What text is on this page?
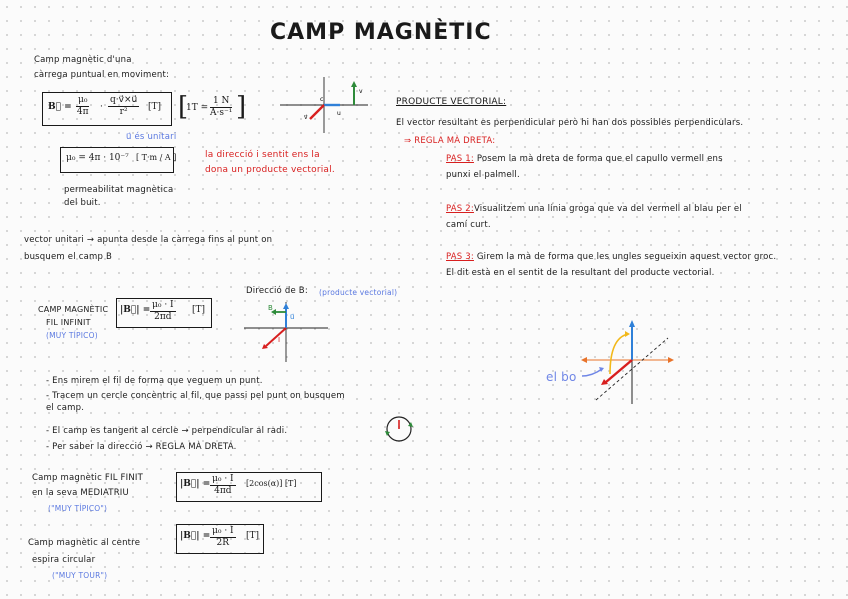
CAMP MAGNÈTIC
Camp magnètic d'una
càrrega puntual en moviment:
B⃗ = $\frac{\text{μ₀}}{4\pi} \cdot \frac{q\cdot v⃗\times u⃗}{\text{r²}} [T]$ [ ]
$1T = \frac{1 N}{\text{A·s⁻¹}}$
u⃗ és unitari
μ₀ = 4π · 10⁻⁷ [ T·m / A ]
permeabilitat magnètica
del buit.
la direcció i sentit ens la
dona un producte vectorial.
c
v⃗
u
v
vector unitari → apunta desde la càrrega fins al punt on
busquem el camp B
CAMP MAGNÈTIC
FIL INFINIT
(MUY TÍPICO)
|B⃗| = $\frac{\text{μ₀ · I}}{2\pi d} [T]$
Direcció de B: (producte vectorial)
B
u⃗
I
- Ens mirem el fil de forma que veguem un punt.
- Tracem un cercle concèntric al fil, que passi pel punt on busquem
el camp.
- El camp es tangent al cercle → perpendicular al radi.
- Per saber la direcció → REGLA MÀ DRETA.
Camp magnètic FIL FINIT
en la seva MEDIATRIU
("MUY TÍPICO")
|B⃗| = $\frac{\text{μ₀ · I}}{4\pi d} [2\cos(\alpha)]$ [T]
Camp magnètic al centre
espira circular
("MUY TOUR")
|B⃗| = $\frac{\text{μ₀ · I}}{2R} [T]$
PRODUCTE VECTORIAL:
El vector resultant es perpendicular però hi han dos possibles perpendiculars.
⇒ REGLA MÀ DRETA:
PAS 1: Posem la mà dreta de forma que el capullo vermell ens
punxi el palmell.
PAS 2:Visualitzem una línia groga que va del vermell al blau per el
camí curt.
PAS 3: Girem la mà de forma que les ungles segueixin aquest vector groc.
El dit està en el sentit de la resultant del producte vectorial.
el bo
